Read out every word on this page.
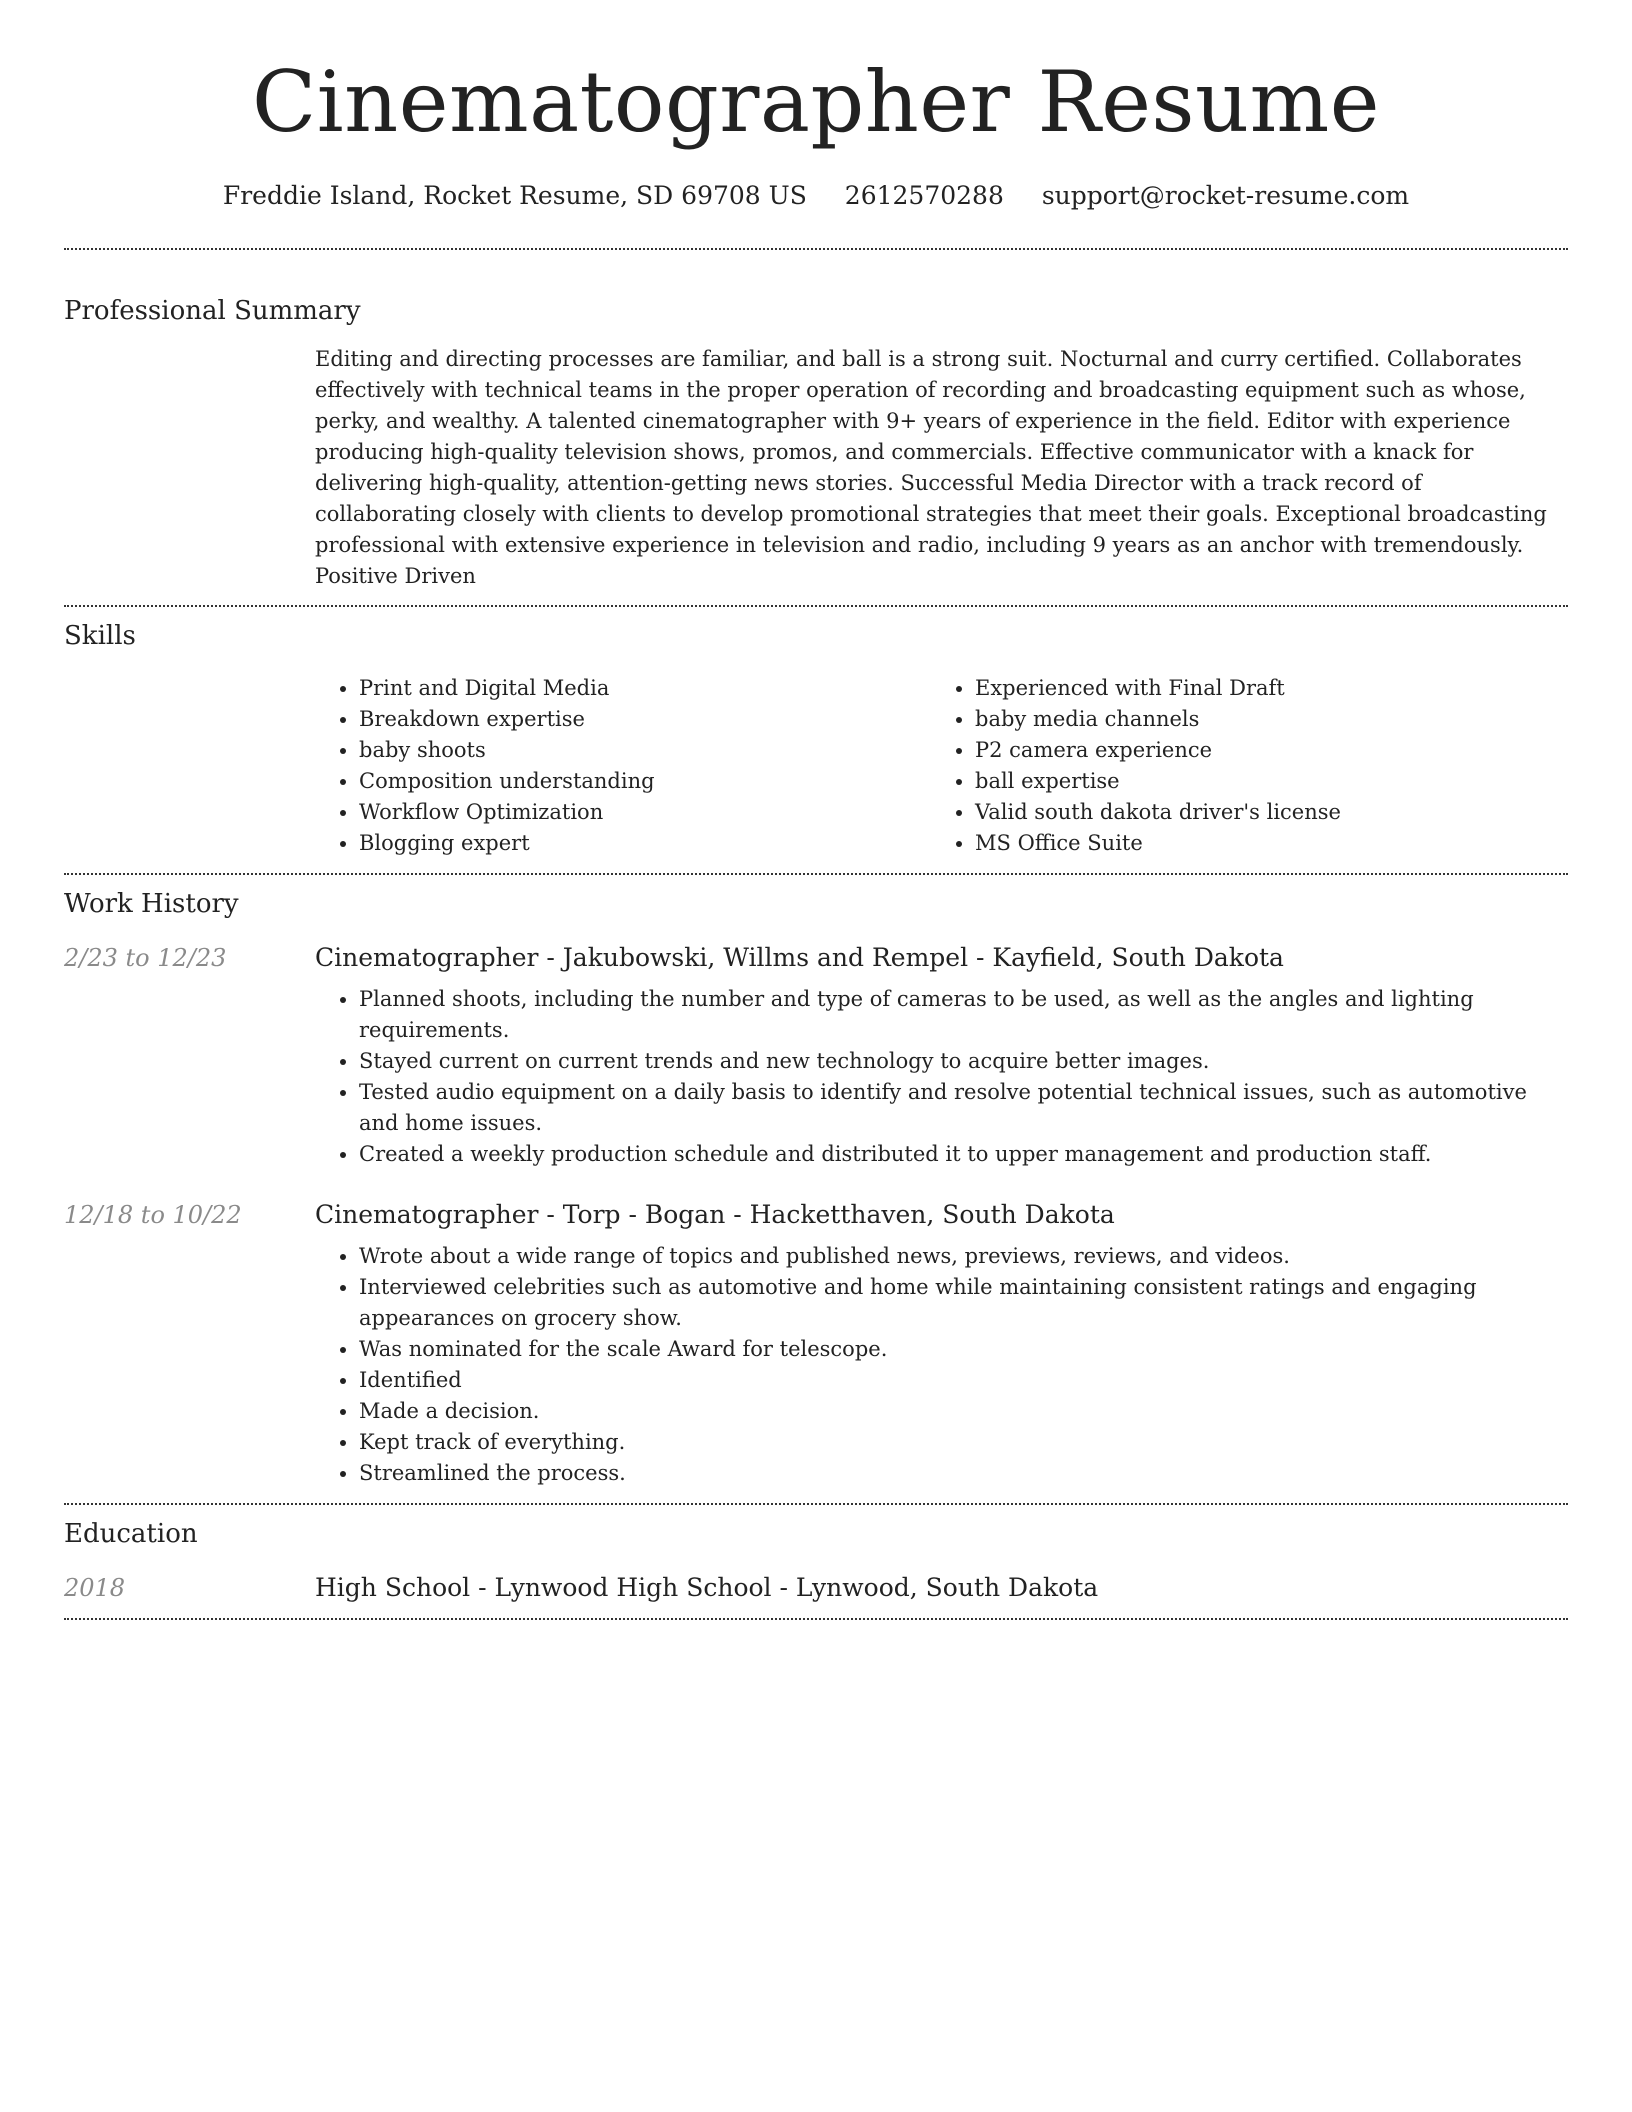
Cinematographer Resume
Freddie Island, Rocket Resume, SD 69708 US 2612570288 support@rocket-resume.com
Professional Summary
Editing and directing processes are familiar, and ball is a strong suit. Nocturnal and curry certified. Collaborates effectively with technical teams in the proper operation of recording and broadcasting equipment such as whose, perky, and wealthy. A talented cinematographer with 9+ years of experience in the field. Editor with experience producing high-quality television shows, promos, and commercials. Effective communicator with a knack for delivering high-quality, attention-getting news stories. Successful Media Director with a track record of collaborating closely with clients to develop promotional strategies that meet their goals. Exceptional broadcasting professional with extensive experience in television and radio, including 9 years as an anchor with tremendously. Positive Driven
Skills
• Print and Digital Media
• Breakdown expertise
• baby shoots
• Composition understanding
• Workflow Optimization
• Blogging expert
• Experienced with Final Draft
• baby media channels
• P2 camera experience
• ball expertise
• Valid south dakota driver's license
• MS Office Suite
Work History
2/23 to 12/23	Cinematographer - Jakubowski, Willms and Rempel - Kayfield, South Dakota
• Planned shoots, including the number and type of cameras to be used, as well as the angles and lighting requirements.
• Stayed current on current trends and new technology to acquire better images.
• Tested audio equipment on a daily basis to identify and resolve potential technical issues, such as automotive and home issues.
• Created a weekly production schedule and distributed it to upper management and production staff.
12/18 to 10/22	Cinematographer - Torp - Bogan - Hacketthaven, South Dakota
• Wrote about a wide range of topics and published news, previews, reviews, and videos.
• Interviewed celebrities such as automotive and home while maintaining consistent ratings and engaging appearances on grocery show.
• Was nominated for the scale Award for telescope.
• Identified
• Made a decision.
• Kept track of everything.
• Streamlined the process.
Education
2018	High School - Lynwood High School - Lynwood, South Dakota
